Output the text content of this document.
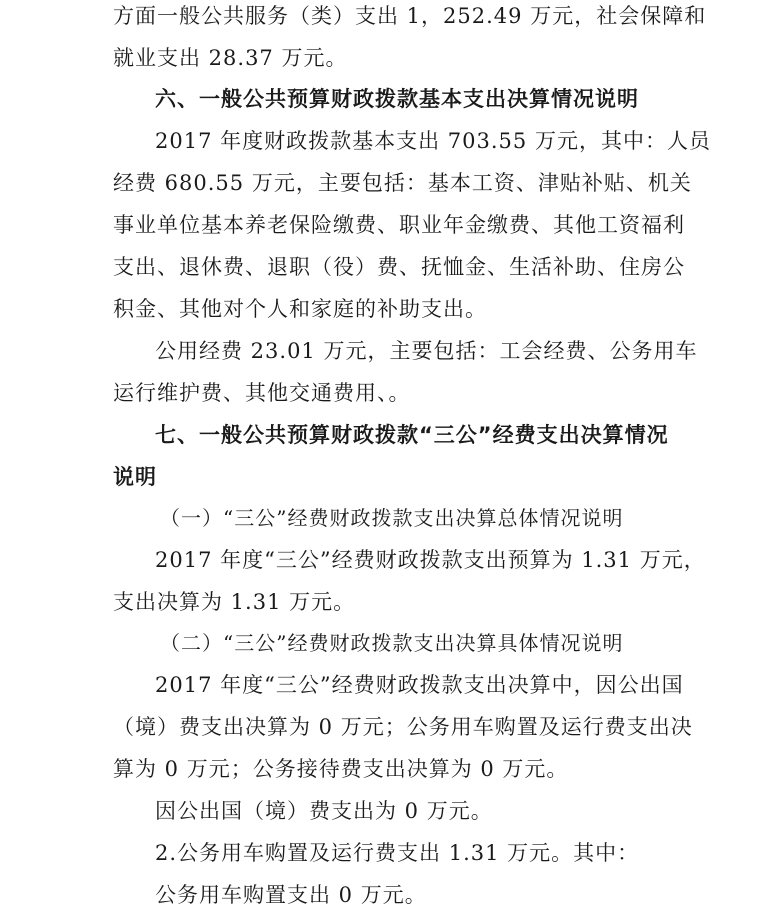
方面一般公共服务（类）支出 1，252.49 万元，社会保障和
就业支出 28.37 万元。
六、一般公共预算财政拨款基本支出决算情况说明
2017 年度财政拨款基本支出 703.55 万元，其中：人员
经费 680.55 万元，主要包括：基本工资、津贴补贴、机关
事业单位基本养老保险缴费、职业年金缴费、其他工资福利
支出、退休费、退职（役）费、抚恤金、生活补助、住房公
积金、其他对个人和家庭的补助支出。
公用经费 23.01 万元，主要包括：工会经费、公务用车
运行维护费、其他交通费用、。
七、一般公共预算财政拨款“三公”经费支出决算情况
说明
（一）“三公”经费财政拨款支出决算总体情况说明
2017 年度“三公”经费财政拨款支出预算为 1.31 万元，
支出决算为 1.31 万元。
（二）“三公”经费财政拨款支出决算具体情况说明
2017 年度“三公”经费财政拨款支出决算中，因公出国
（境）费支出决算为 0 万元；公务用车购置及运行费支出决
算为 0 万元；公务接待费支出决算为 0 万元。
因公出国（境）费支出为 0 万元。
2.公务用车购置及运行费支出 1.31 万元。其中：
公务用车购置支出 0 万元。
